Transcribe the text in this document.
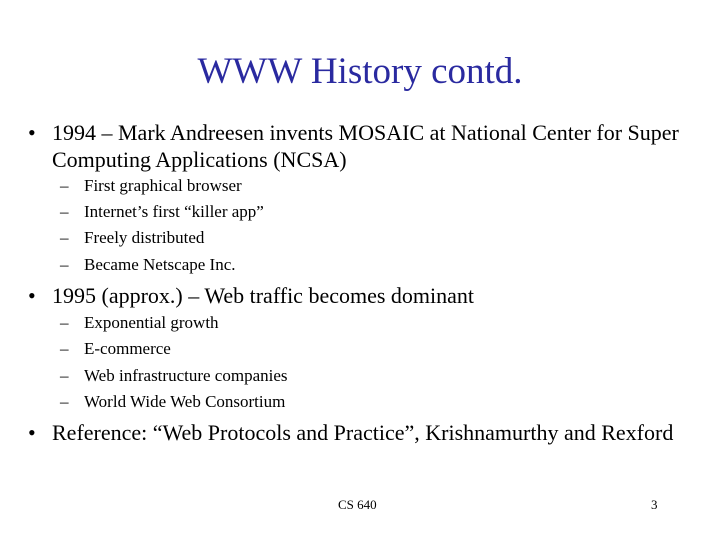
WWW History contd.
• 1994 – Mark Andreesen invents MOSAIC at National Center for Super Computing Applications (NCSA)
– First graphical browser
– Internet’s first “killer app”
– Freely distributed
– Became Netscape Inc.
• 1995 (approx.) – Web traffic becomes dominant
– Exponential growth
– E-commerce
– Web infrastructure companies
– World Wide Web Consortium
• Reference: “Web Protocols and Practice”, Krishnamurthy and Rexford
CS 640	3
